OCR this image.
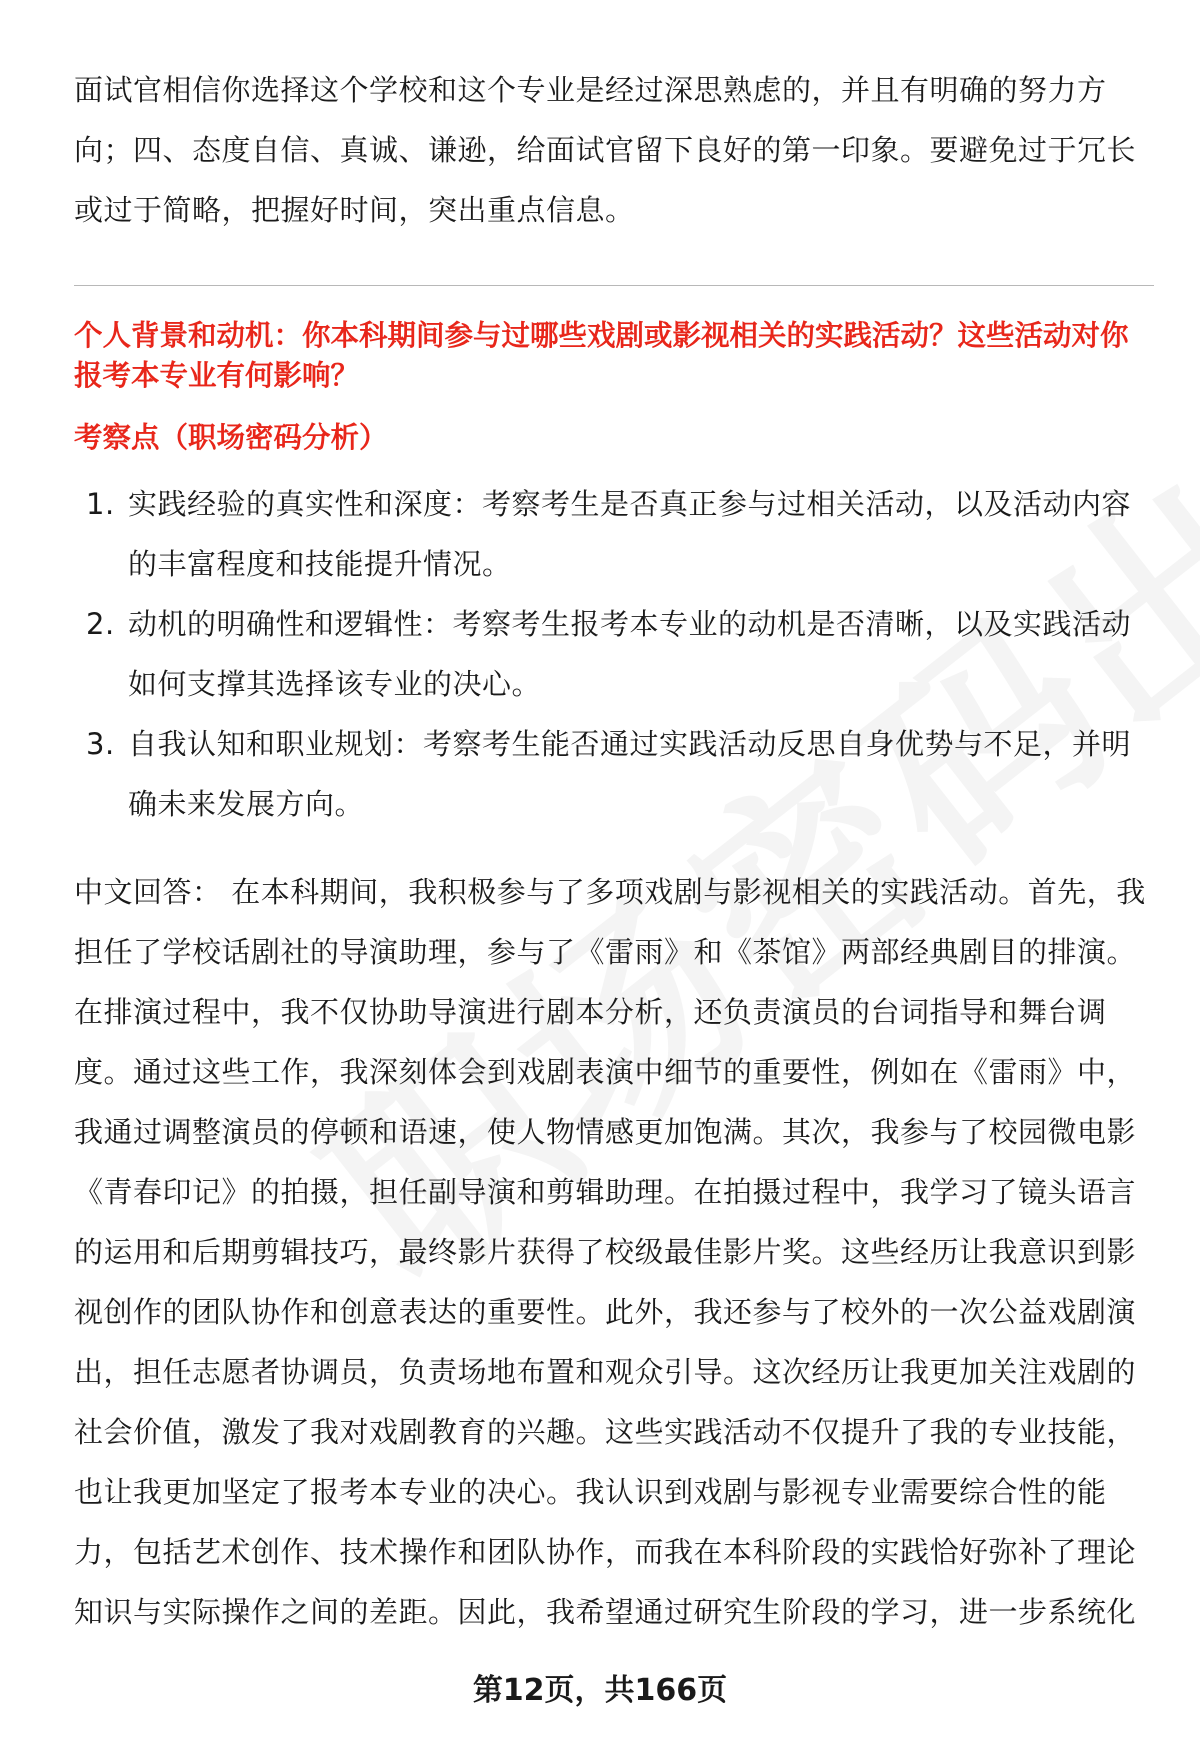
面试官相信你选择这个学校和这个专业是经过深思熟虑的，并且有明确的努力方向；四、态度自信、真诚、谦逊，给面试官留下良好的第一印象。要避免过于冗长或过于简略，把握好时间，突出重点信息。

个人背景和动机：你本科期间参与过哪些戏剧或影视相关的实践活动？这些活动对你报考本专业有何影响？

考察点（职场密码分析）

1. 实践经验的真实性和深度：考察考生是否真正参与过相关活动，以及活动内容的丰富程度和技能提升情况。
2. 动机的明确性和逻辑性：考察考生报考本专业的动机是否清晰，以及实践活动如何支撑其选择该专业的决心。
3. 自我认知和职业规划：考察考生能否通过实践活动反思自身优势与不足，并明确未来发展方向。

中文回答： 在本科期间，我积极参与了多项戏剧与影视相关的实践活动。首先，我担任了学校话剧社的导演助理，参与了《雷雨》和《茶馆》两部经典剧目的排演。在排演过程中，我不仅协助导演进行剧本分析，还负责演员的台词指导和舞台调度。通过这些工作，我深刻体会到戏剧表演中细节的重要性，例如在《雷雨》中，我通过调整演员的停顿和语速，使人物情感更加饱满。其次，我参与了校园微电影《青春印记》的拍摄，担任副导演和剪辑助理。在拍摄过程中，我学习了镜头语言的运用和后期剪辑技巧，最终影片获得了校级最佳影片奖。这些经历让我意识到影视创作的团队协作和创意表达的重要性。此外，我还参与了校外的一次公益戏剧演出，担任志愿者协调员，负责场地布置和观众引导。这次经历让我更加关注戏剧的社会价值，激发了我对戏剧教育的兴趣。这些实践活动不仅提升了我的专业技能，也让我更加坚定了报考本专业的决心。我认识到戏剧与影视专业需要综合性的能力，包括艺术创作、技术操作和团队协作，而我在本科阶段的实践恰好弥补了理论知识与实际操作之间的差距。因此，我希望通过研究生阶段的学习，进一步系统化

第12页，共166页
